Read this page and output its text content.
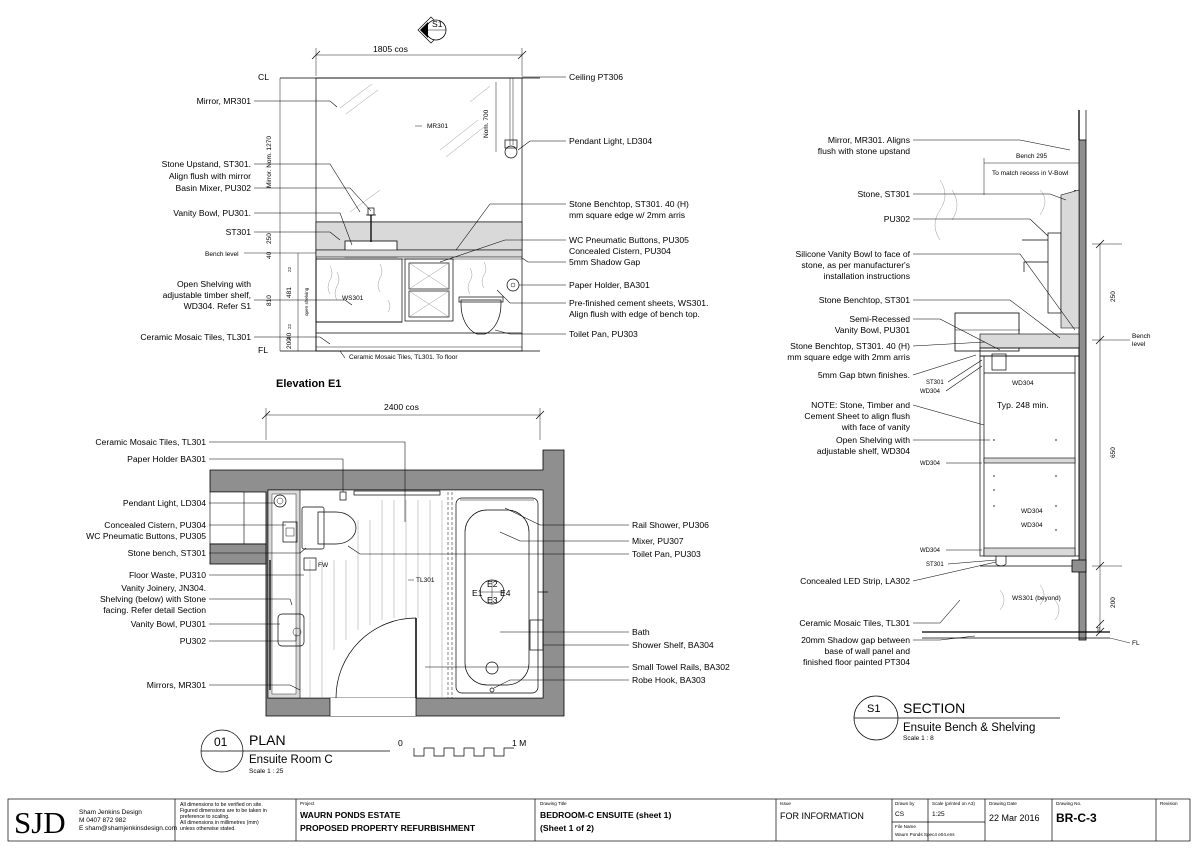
S1
1805 cos
CL
FL
Bench level
MR301	Nom. 700
WS301
Mirror. Nom. 1270
250
40
22
481
810
22
40
200
open shelving
Mirror, MR301
Stone Upstand, ST301. Align flush with mirror
Basin Mixer, PU302
Vanity Bowl, PU301.
ST301
Open Shelving with adjustable timber shelf, WD304. Refer S1
Ceramic Mosaic Tiles, TL301
Ceiling PT306
Pendant Light, LD304
Stone Benchtop, ST301. 40 (H) mm square edge w/ 2mm arris
WC Pneumatic Buttons, PU305 Concealed Cistern, PU304
5mm Shadow Gap
Paper Holder, BA301
Pre-finished cement sheets, WS301. Align flush with edge of bench top.
Toilet Pan, PU303
Ceramic Mosaic Tiles, TL301. To floor
Elevation E1
2400 cos
FW
E1
E2
E3
E4
TL301
Ceramic Mosaic Tiles, TL301
Paper Holder BA301
Pendant Light, LD304
Concealed Cistern, PU304 WC Pneumatic Buttons, PU305
Stone bench, ST301
Floor Waste, PU310
Vanity Joinery, JN304. Shelving (below) with Stone facing. Refer detail Section
Vanity Bowl, PU301
PU302
Mirrors, MR301
Rail Shower, PU306
Mixer, PU307
Toilet Pan, PU303
Bath
Shower Shelf, BA304
Small Towel Rails, BA302
Robe Hook, BA303
01 PLAN
Ensuite Room C
Scale 1 : 25
0	1 M
Bench 295
To match recess in V-Bowl
WD304
Typ. 248 min.
WD304
WD304
WS301 (beyond)
250
650
200
20
Bench level
FL
ST301
WD304
WD304
WD304
ST301
Mirror, MR301. Aligns flush with stone upstand
Stone, ST301
PU302
Silicone Vanity Bowl to face of stone, as per manufacturer's installation instructions
Stone Benchtop, ST301
Semi-Recessed Vanity Bowl, PU301
Stone Benchtop, ST301. 40 (H) mm square edge with 2mm arris
5mm Gap btwn finishes.
NOTE: Stone, Timber and Cement Sheet to align flush with face of vanity
Open Shelving with adjustable shelf, WD304
Concealed LED Strip, LA302
Ceramic Mosaic Tiles, TL301
20mm Shadow gap between base of wall panel and finished floor painted PT304
S1 SECTION
Ensuite Bench & Shelving
Scale 1 : 8
SJD Sham Jenkins Design M 0407 872 982 E sham@shamjenkinsdesign.com
All dimensions to be verified on site. Figured dimensions are to be taken in preference to scaling. All dimensions in millimetres (mm) unless otherwise stated.
Project
WAURN PONDS ESTATE PROPOSED PROPERTY REFURBISHMENT
Drawing Title
BEDROOM-C ENSUITE (sheet 1) (Sheet 1 of 2)
Issue
FOR INFORMATION
Drawn by
CS
Scale (printed on A3)
1:25
File Name
Waurn Ponds Spec4 e04.ens
Drawing Date
22 Mar 2016
Drawing No.
BR-C-3
Revision
